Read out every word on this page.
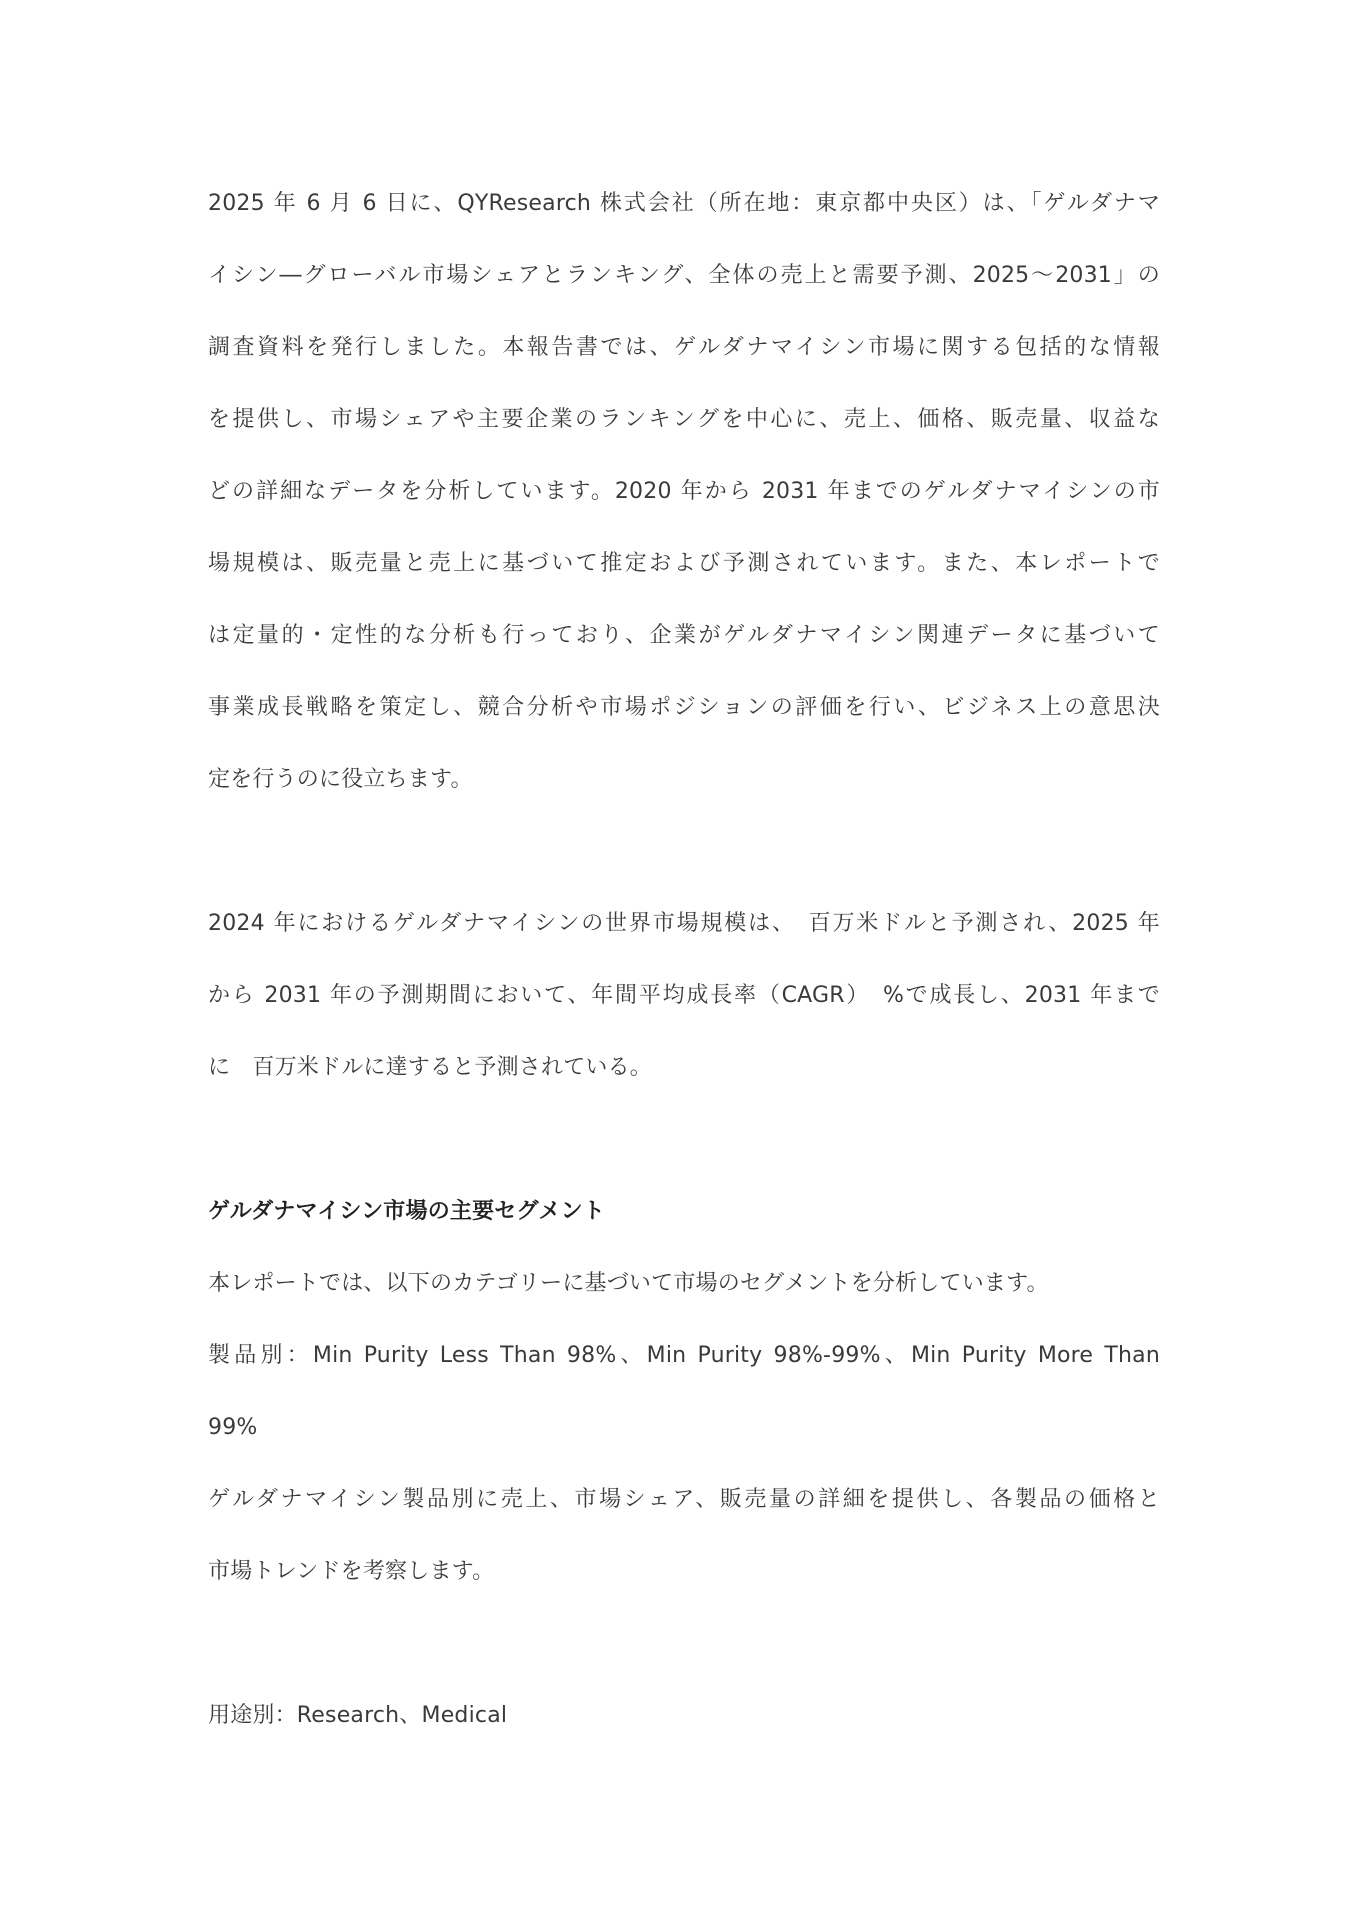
2025 年 6 月 6 日に、QYResearch 株式会社（所在地：東京都中央区）は、「ゲルダナマ
イシン―グローバル市場シェアとランキング、全体の売上と需要予測、2025～2031」の
調査資料を発行しました。本報告書では、ゲルダナマイシン市場に関する包括的な情報
を提供し、市場シェアや主要企業のランキングを中心に、売上、価格、販売量、収益な
どの詳細なデータを分析しています。2020 年から 2031 年までのゲルダナマイシンの市
場規模は、販売量と売上に基づいて推定および予測されています。また、本レポートで
は定量的・定性的な分析も行っており、企業がゲルダナマイシン関連データに基づいて
事業成長戦略を策定し、競合分析や市場ポジションの評価を行い、ビジネス上の意思決
定を行うのに役立ちます。
2024 年におけるゲルダナマイシンの世界市場規模は、　百万米ドルと予測され、2025 年
から 2031 年の予測期間において、年間平均成長率（CAGR）　%で成長し、2031 年まで
に　百万米ドルに達すると予測されている。
ゲルダナマイシン市場の主要セグメント
本レポートでは、以下のカテゴリーに基づいて市場のセグメントを分析しています。
製品別：Min Purity Less Than 98%、Min Purity 98%-99%、Min Purity More Than
99%
ゲルダナマイシン製品別に売上、市場シェア、販売量の詳細を提供し、各製品の価格と
市場トレンドを考察します。
用途別：Research、Medical
